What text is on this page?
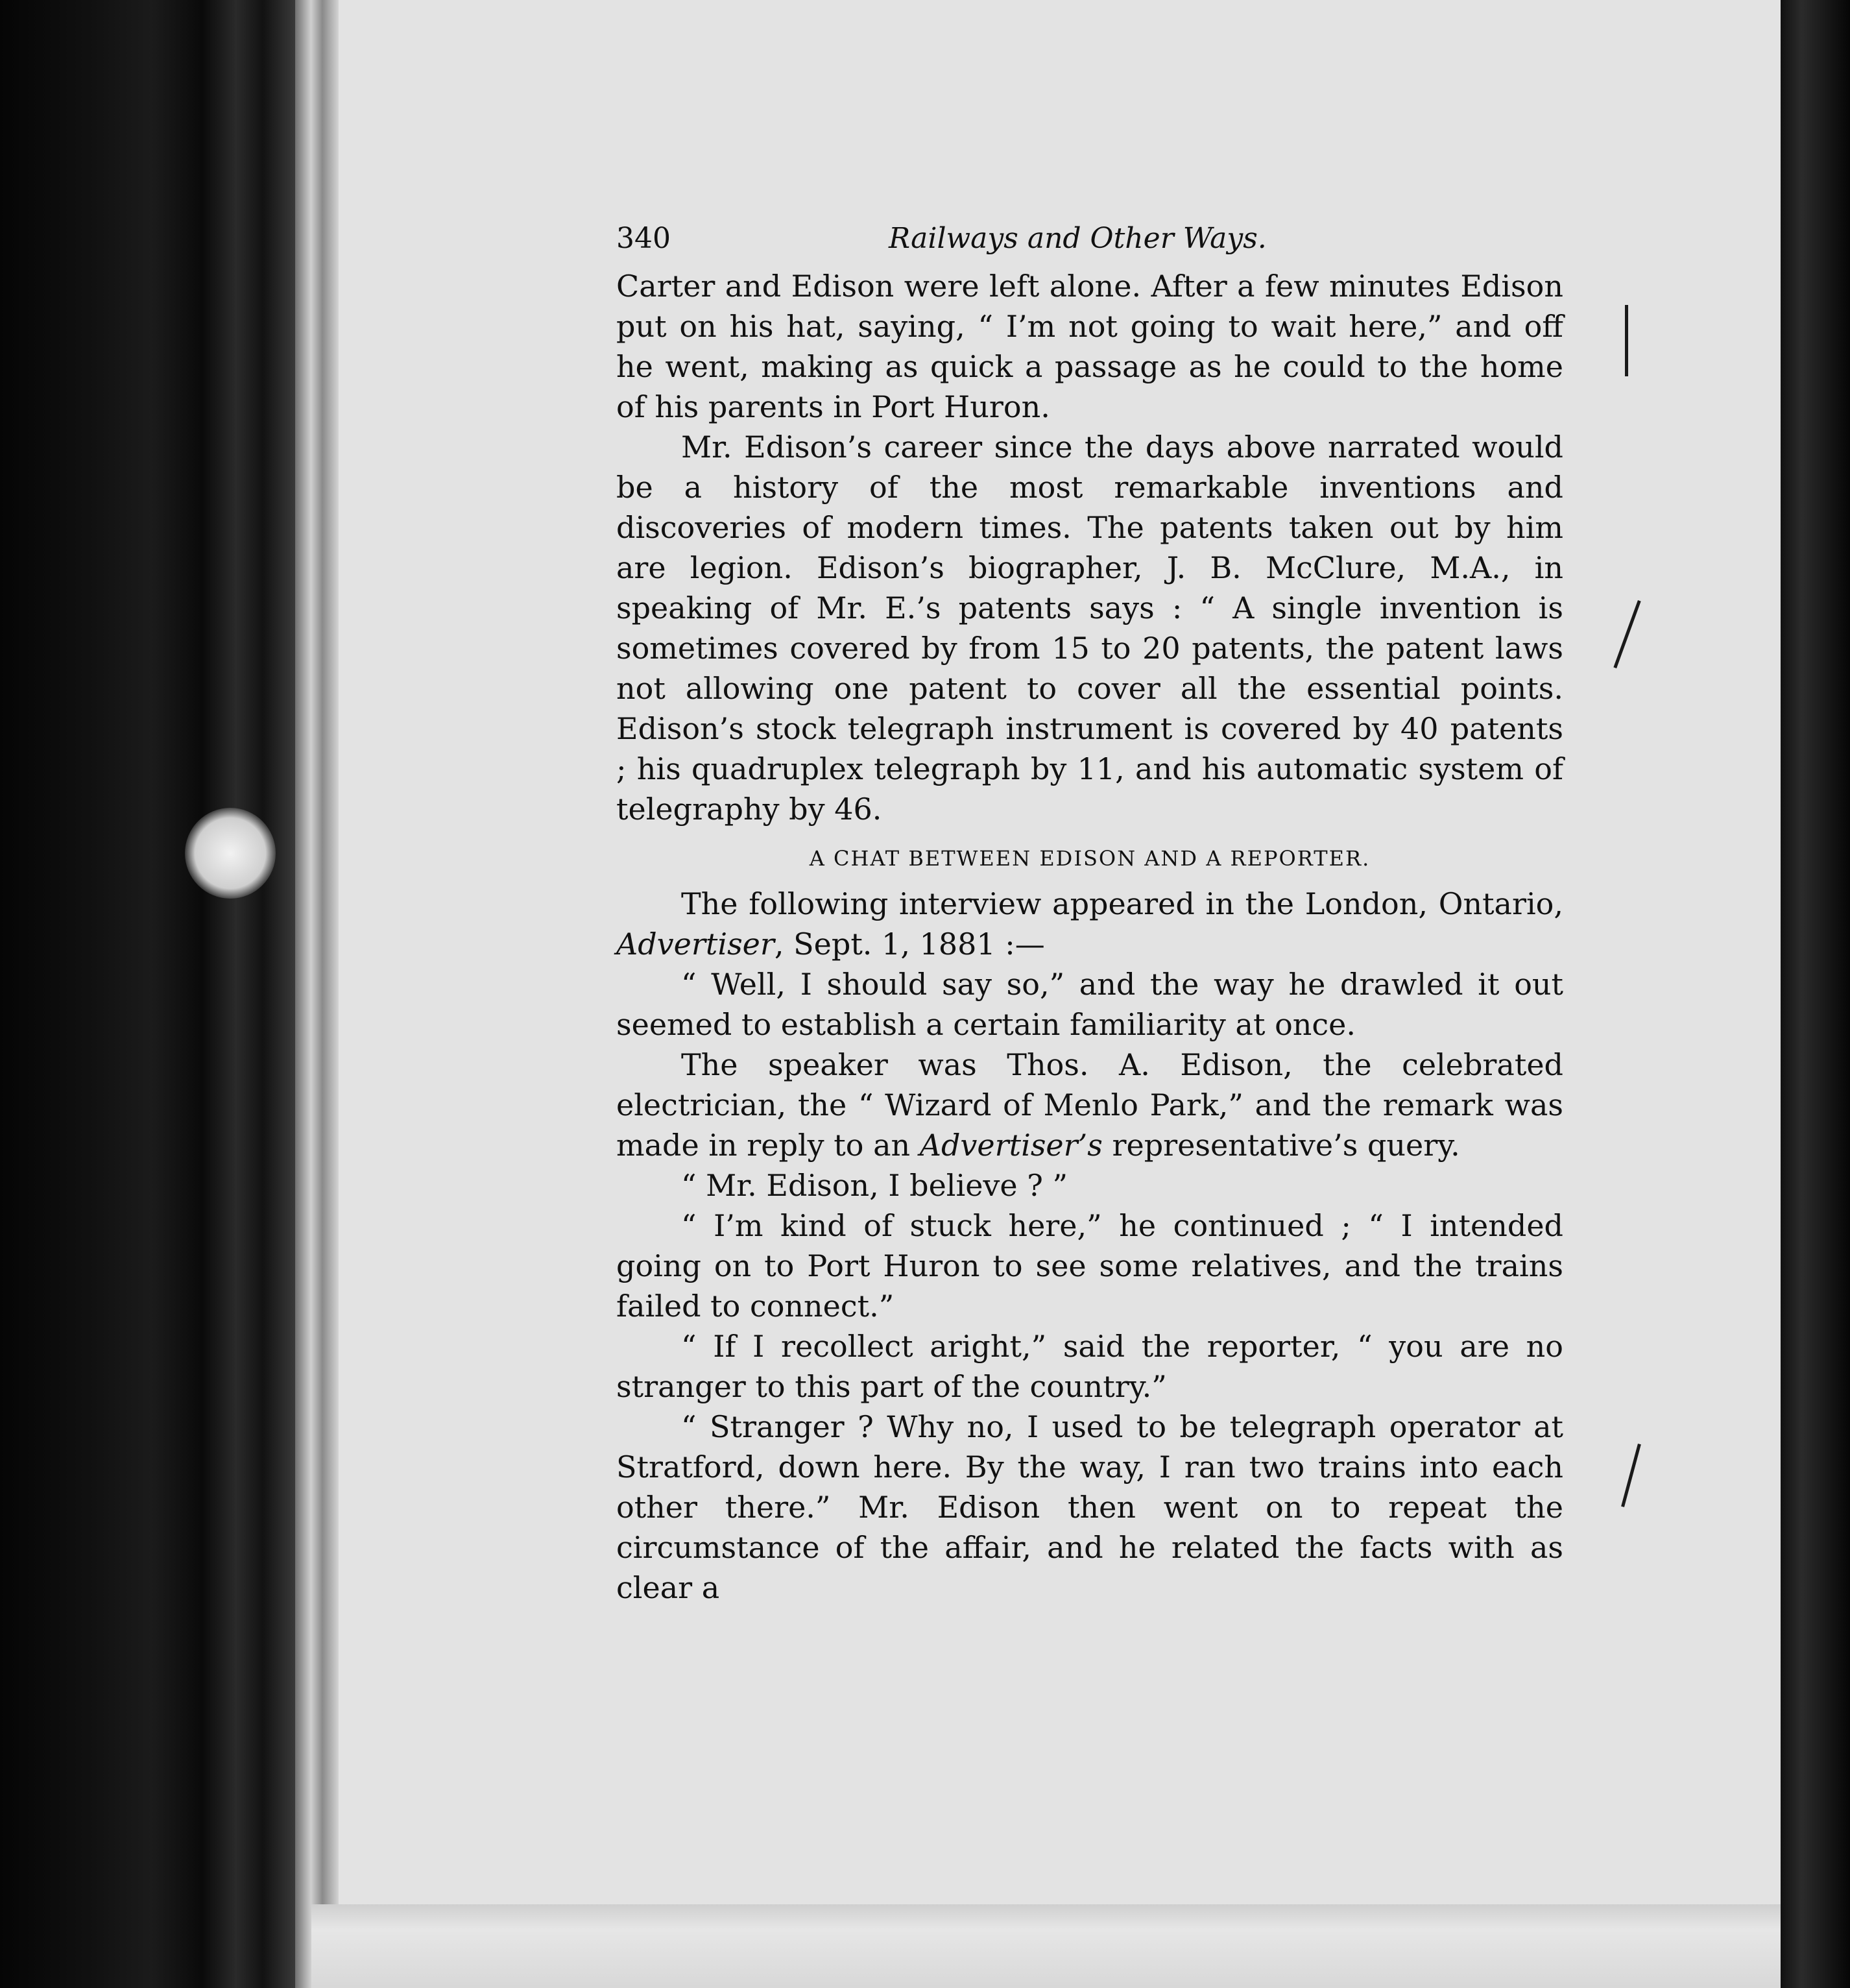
340	Railways and Other Ways.

Carter and Edison were left alone. After a few minutes Edison put on his hat, saying, “ I’m not going to wait here,” and off he went, making as quick a passage as he could to the home of his parents in Port Huron.

Mr. Edison’s career since the days above narrated would be a history of the most remarkable inventions and discoveries of modern times. The patents taken out by him are legion. Edison’s biographer, J. B. McClure, M.A., in speaking of Mr. E.’s patents says : “ A single invention is sometimes covered by from 15 to 20 patents, the patent laws not allowing one patent to cover all the essential points. Edison’s stock telegraph instrument is covered by 40 patents ; his quadruplex telegraph by 11, and his automatic system of telegraphy by 46.

A CHAT BETWEEN EDISON AND A REPORTER.

The following interview appeared in the London, Ontario, Advertiser, Sept. 1, 1881 :—

“ Well, I should say so,” and the way he drawled it out seemed to establish a certain familiarity at once.

The speaker was Thos. A. Edison, the celebrated electrician, the “ Wizard of Menlo Park,” and the remark was made in reply to an Advertiser’s representative’s query.

“ Mr. Edison, I believe ? ”

“ I’m kind of stuck here,” he continued ; “ I intended going on to Port Huron to see some relatives, and the trains failed to connect.”

“ If I recollect aright,” said the reporter, “ you are no stranger to this part of the country.”

“ Stranger ? Why no, I used to be telegraph operator at Stratford, down here. By the way, I ran two trains into each other there.” Mr. Edison then went on to repeat the circumstance of the affair, and he related the facts with as clear a
